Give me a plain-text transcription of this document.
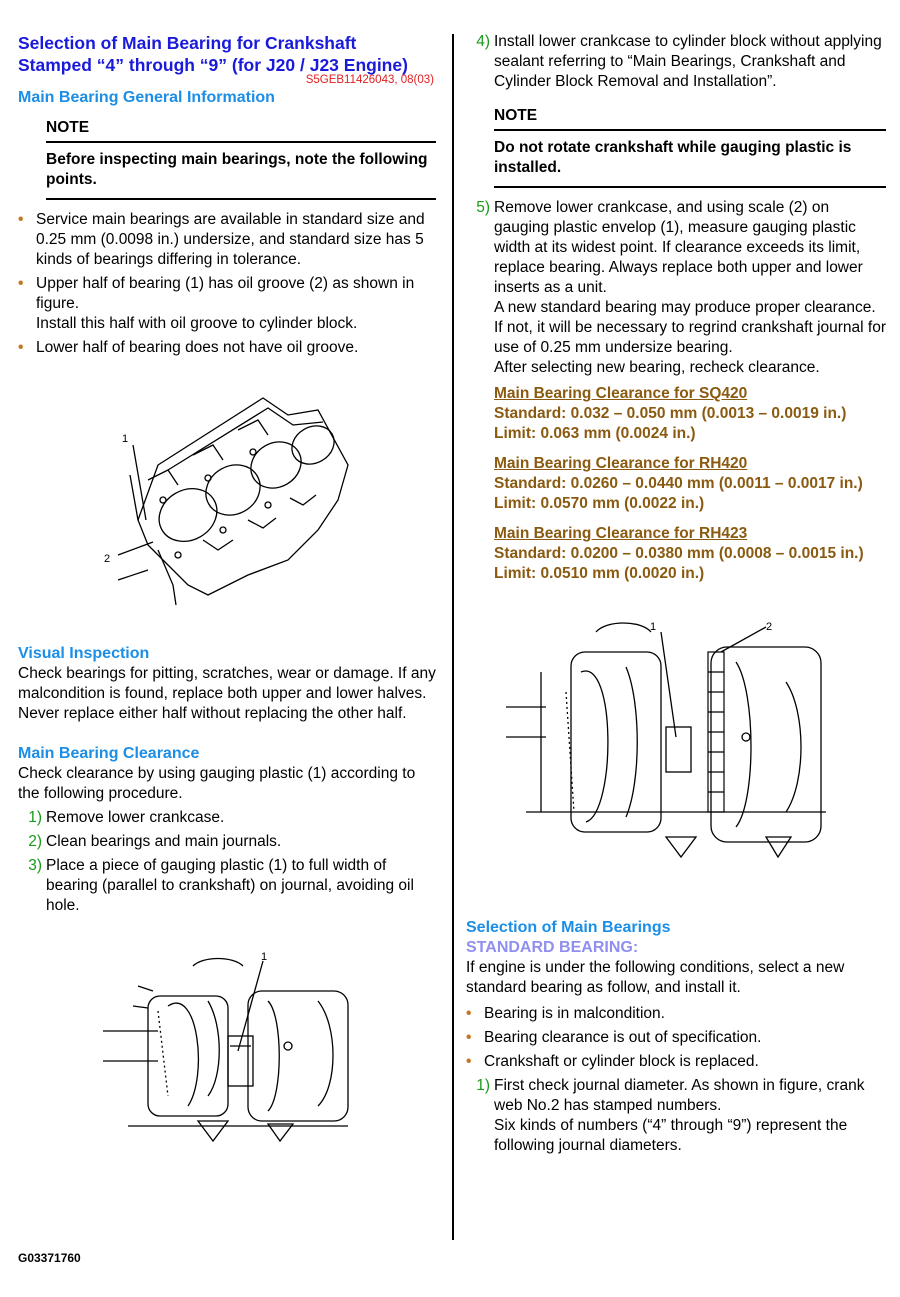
Selection of Main Bearing for Crankshaft
Stamped “4” through “9” (for J20 / J23 Engine)
S5GEB11426043, 08(03)
Main Bearing General Information
NOTE
Before inspecting main bearings, note the following points.
• Service main bearings are available in standard size and 0.25 mm (0.0098 in.) undersize, and standard size has 5 kinds of bearings differing in tolerance.
• Upper half of bearing (1) has oil groove (2) as shown in figure.
Install this half with oil groove to cylinder block.
• Lower half of bearing does not have oil groove.
1
2
Visual Inspection

Check bearings for pitting, scratches, wear or damage. If any malcondition is found, replace both upper and lower halves. Never replace either half without replacing the other half.

Main Bearing Clearance

Check clearance by using gauging plastic (1) according to the following procedure.

1) Remove lower crankcase.
2) Clean bearings and main journals.
3) Place a piece of gauging plastic (1) to full width of bearing (parallel to crankshaft) on journal, avoiding oil hole.
1
4) Install lower crankcase to cylinder block without applying sealant referring to “Main Bearings, Crankshaft and Cylinder Block Removal and Installation”.
NOTE
Do not rotate crankshaft while gauging plastic is installed.
5) Remove lower crankcase, and using scale (2) on gauging plastic envelop (1), measure gauging plastic width at its widest point. If clearance exceeds its limit, replace bearing. Always replace both upper and lower inserts as a unit.
A new standard bearing may produce proper clearance. If not, it will be necessary to regrind crankshaft journal for use of 0.25 mm undersize bearing.
After selecting new bearing, recheck clearance.
Main Bearing Clearance for SQ420
Standard: 0.032 – 0.050 mm (0.0013 – 0.0019 in.)
Limit: 0.063 mm (0.0024 in.)
Main Bearing Clearance for RH420
Standard: 0.0260 – 0.0440 mm (0.0011 – 0.0017 in.)
Limit: 0.0570 mm (0.0022 in.)
Main Bearing Clearance for RH423
Standard: 0.0200 – 0.0380 mm (0.0008 – 0.0015 in.)
Limit: 0.0510 mm (0.0020 in.)
1	2
Selection of Main Bearings
STANDARD BEARING:

If engine is under the following conditions, select a new standard bearing as follow, and install it.

• Bearing is in malcondition.
• Bearing clearance is out of specification.
• Crankshaft or cylinder block is replaced.
1) First check journal diameter. As shown in figure, crank web No.2 has stamped numbers.
Six kinds of numbers (“4” through “9”) represent the following journal diameters.
G03371760
